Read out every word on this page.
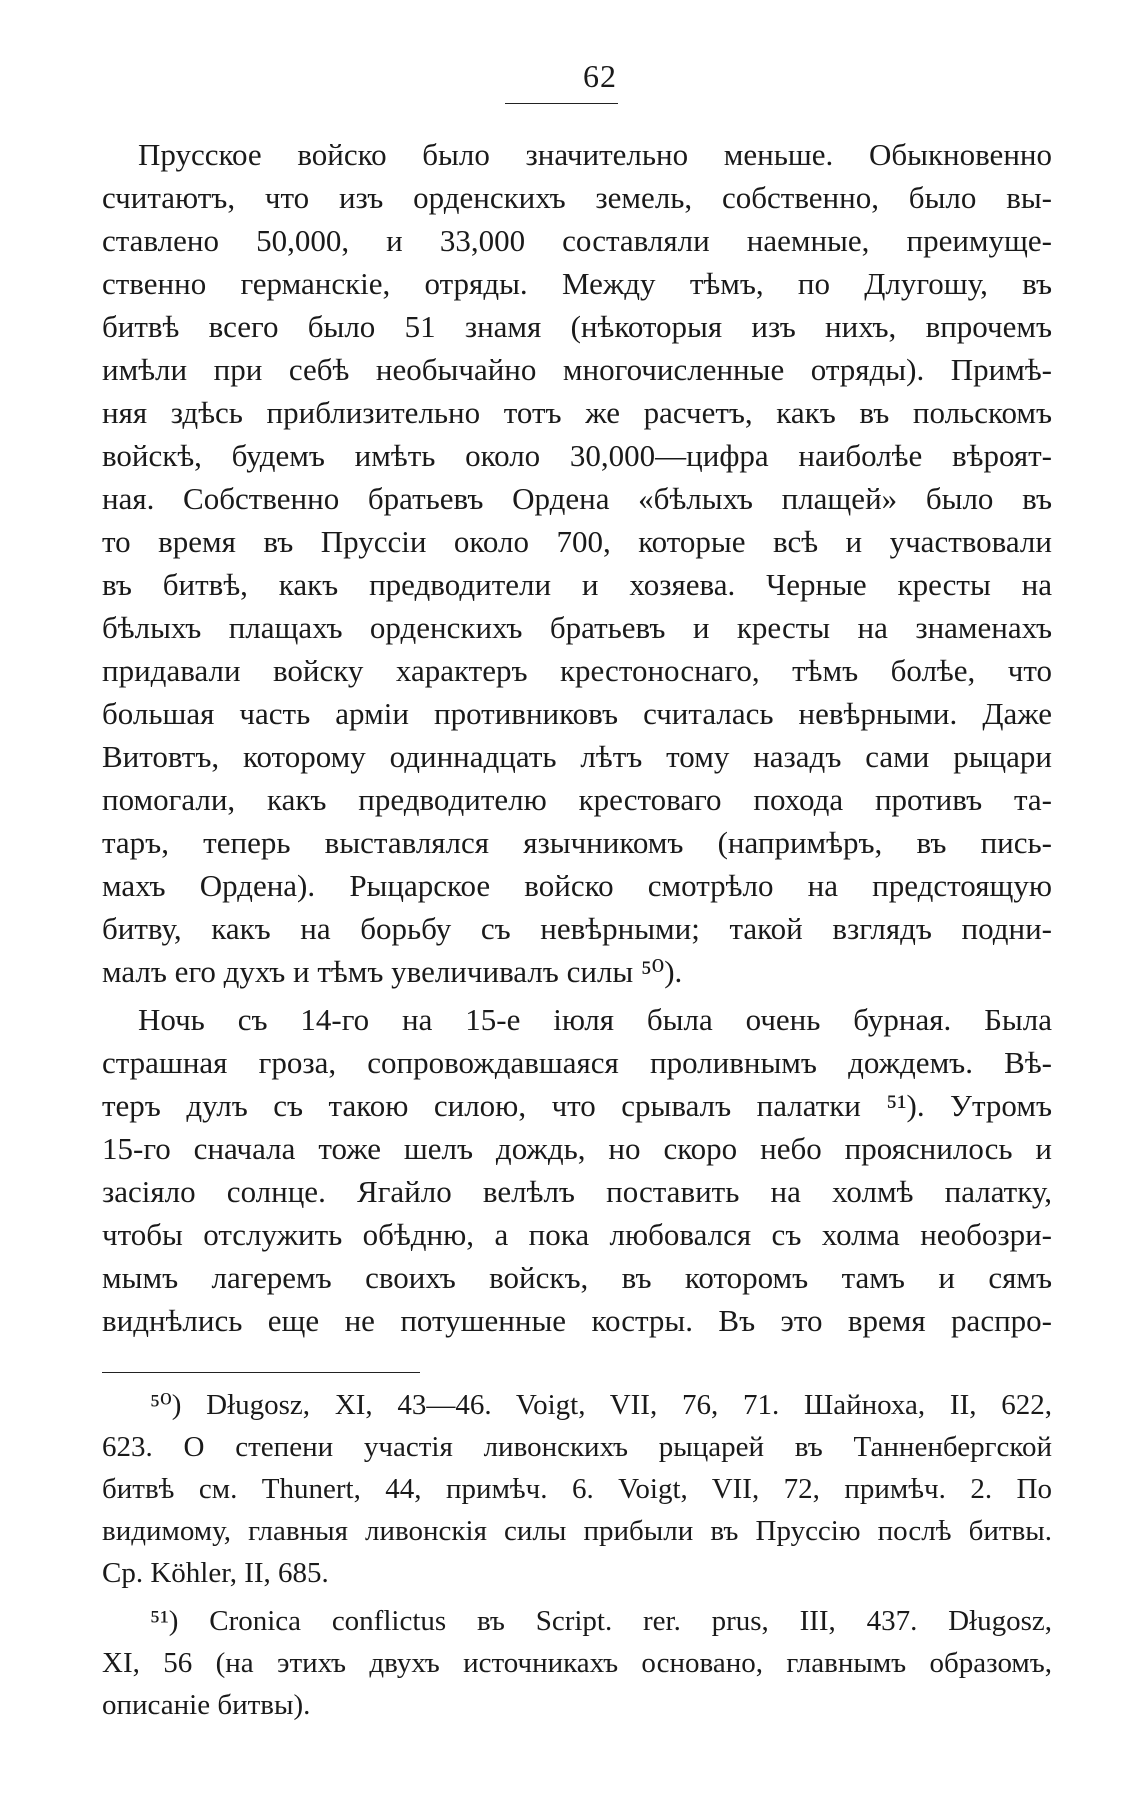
62
Прусское войско было значительно меньше. Обыкновенно
считаютъ, что изъ орденскихъ земель, собственно, было вы-
ставлено 50,000, и 33,000 составляли наемные, преимуще-
ственно германскіе, отряды. Между тѣмъ, по Длугошу, въ
битвѣ всего было 51 знамя (нѣкоторыя изъ нихъ, впрочемъ
имѣли при себѣ необычайно многочисленные отряды). Примѣ-
няя здѣсь приблизительно тотъ же расчетъ, какъ въ польскомъ
войскѣ, будемъ имѣть около 30,000—цифра наиболѣе вѣроят-
ная. Собственно братьевъ Ордена «бѣлыхъ плащей» было въ
то время въ Пруссіи около 700, которые всѣ и участвовали
въ битвѣ, какъ предводители и хозяева. Черные кресты на
бѣлыхъ плащахъ орденскихъ братьевъ и кресты на знаменахъ
придавали войску характеръ крестоноснаго, тѣмъ болѣе, что
большая часть арміи противниковъ считалась невѣрными. Даже
Витовтъ, которому одиннадцать лѣтъ тому назадъ сами рыцари
помогали, какъ предводителю крестоваго похода противъ та-
таръ, теперь выставлялся язычникомъ (напримѣръ, въ пись-
махъ Ордена). Рыцарское войско смотрѣло на предстоящую
битву, какъ на борьбу съ невѣрными; такой взглядъ подни-
малъ его духъ и тѣмъ увеличивалъ силы ⁵⁰).
Ночь съ 14-го на 15-е іюля была очень бурная. Была
страшная гроза, сопровождавшаяся проливнымъ дождемъ. Вѣ-
теръ дулъ съ такою силою, что срывалъ палатки ⁵¹). Утромъ
15-го сначала тоже шелъ дождь, но скоро небо прояснилось и
засіяло солнце. Ягайло велѣлъ поставить на холмѣ палатку,
чтобы отслужить обѣдню, а пока любовался съ холма необозри-
мымъ лагеремъ своихъ войскъ, въ которомъ тамъ и сямъ
виднѣлись еще не потушенные костры. Въ это время распро-
⁵⁰) Długosz, XI, 43—46. Voigt, VII, 76, 71. Шайноха, II, 622,
623. О степени участія ливонскихъ рыцарей въ Танненбергской
битвѣ см. Thunert, 44, примѣч. 6. Voigt, VII, 72, примѣч. 2. По
видимому, главныя ливонскія силы прибыли въ Пруссію послѣ битвы.
Ср. Köhler, II, 685.
⁵¹) Cronica conflictus въ Script. rer. prus, III, 437. Długosz,
XI, 56 (на этихъ двухъ источникахъ основано, главнымъ образомъ,
описаніе битвы).
